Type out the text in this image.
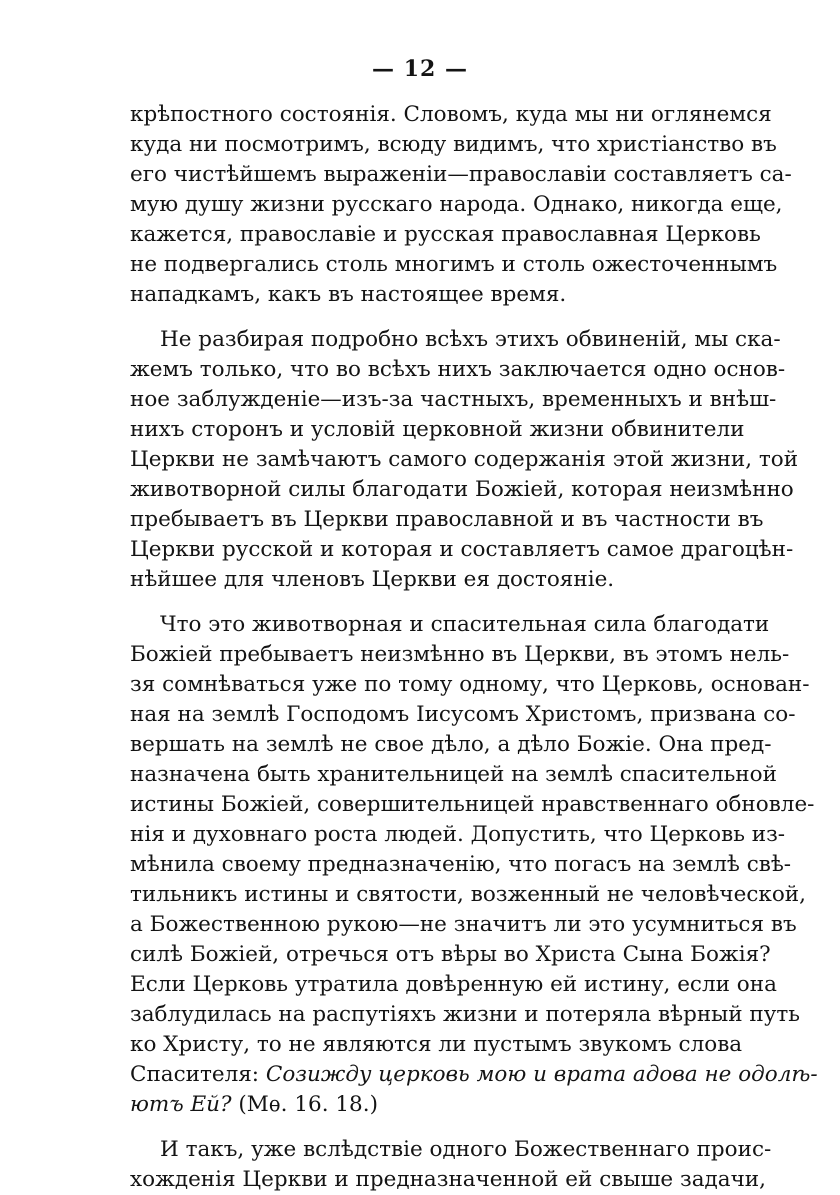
— 12 —
крѣпостного состоянія. Словомъ, куда мы ни оглянемся
куда ни посмотримъ, всюду видимъ, что христіанство въ
его чистѣйшемъ выраженіи—православіи составляетъ са-
мую душу жизни русскаго народа. Однако, никогда еще,
кажется, православіе и русская православная Церковь
не подвергались столь многимъ и столь ожесточеннымъ
нападкамъ, какъ въ настоящее время.
Не разбирая подробно всѣхъ этихъ обвиненій, мы ска-
жемъ только, что во всѣхъ нихъ заключается одно основ-
ное заблужденіе—изъ-за частныхъ, временныхъ и внѣш-
нихъ сторонъ и условій церковной жизни обвинители
Церкви не замѣчаютъ самого содержанія этой жизни, той
животворной силы благодати Божіей, которая неизмѣнно
пребываетъ въ Церкви православной и въ частности въ
Церкви русской и которая и составляетъ самое драгоцѣн-
нѣйшее для членовъ Церкви ея достояніе.
Что это животворная и спасительная сила благодати
Божіей пребываетъ неизмѣнно въ Церкви, въ этомъ нель-
зя сомнѣваться уже по тому одному, что Церковь, основан-
ная на землѣ Господомъ Іисусомъ Христомъ, призвана со-
вершать на землѣ не свое дѣло, а дѣло Божіе. Она пред-
назначена быть хранительницей на землѣ спасительной
истины Божіей, совершительницей нравственнаго обновле-
нія и духовнаго роста людей. Допустить, что Церковь из-
мѣнила своему предназначенію, что погасъ на землѣ свѣ-
тильникъ истины и святости, возженный не человѣческой,
а Божественною рукою—не значитъ ли это усумниться въ
силѣ Божіей, отречься отъ вѣры во Христа Сына Божія?
Если Церковь утратила довѣренную ей истину, если она
заблудилась на распутіяхъ жизни и потеряла вѣрный путь
ко Христу, то не являются ли пустымъ звукомъ слова
Спасителя: Созижду церковь мою и врата адова не одолѣ-
ютъ Ей? (Мѳ. 16. 18.)
И такъ, уже вслѣдствіе одного Божественнаго проис-
хожденія Церкви и предназначенной ей свыше задачи,
